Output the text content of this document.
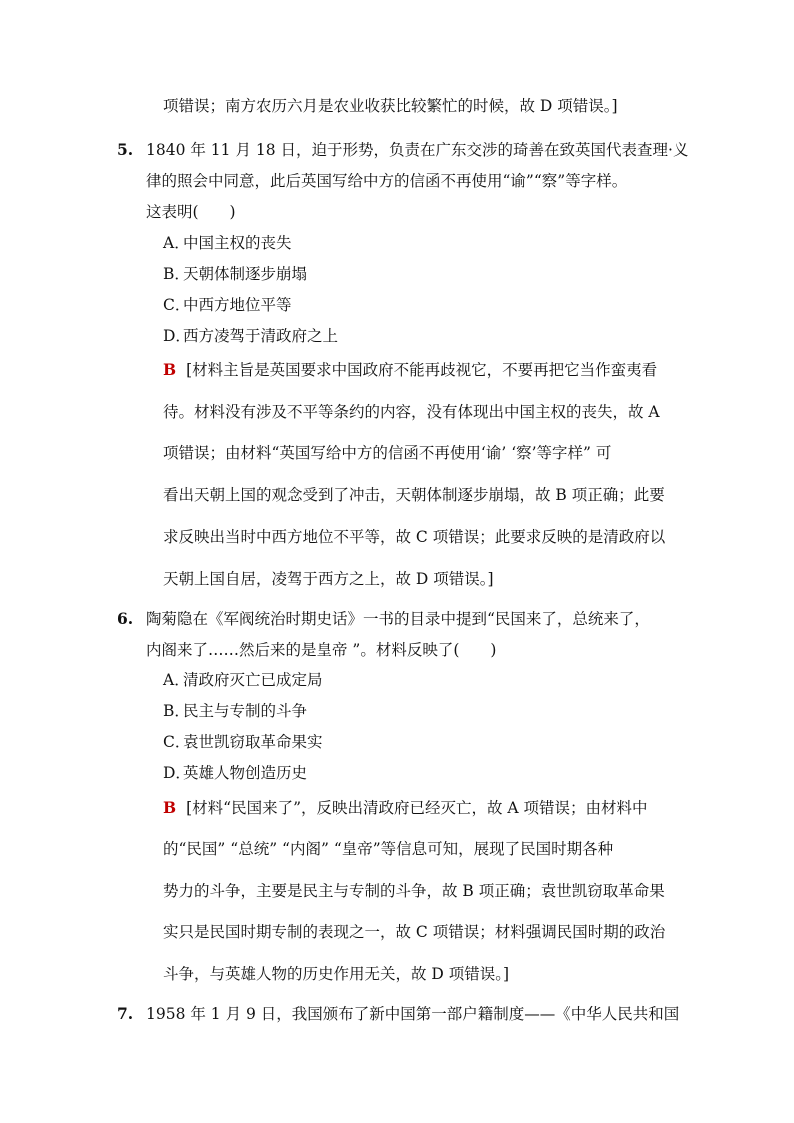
项错误；南方农历六月是农业收获比较繁忙的时候，故 D 项错误。]
5. 1840 年 11 月 18 日，迫于形势，负责在广东交涉的琦善在致英国代表查理·义
律的照会中同意，此后英国写给中方的信函不再使用“谕”“察”等字样。
这表明(　　)
A．中国主权的丧失
B．天朝体制逐步崩塌
C．中西方地位平等
D．西方凌驾于清政府之上
B [材料主旨是英国要求中国政府不能再歧视它，不要再把它当作蛮夷看
待。材料没有涉及不平等条约的内容，没有体现出中国主权的丧失，故 A
项错误；由材料“英国写给中方的信函不再使用‘谕’ ‘察’等字样” 可
看出天朝上国的观念受到了冲击，天朝体制逐步崩塌，故 B 项正确；此要
求反映出当时中西方地位不平等，故 C 项错误；此要求反映的是清政府以
天朝上国自居，凌驾于西方之上，故 D 项错误。]
6. 陶菊隐在《军阀统治时期史话》一书的目录中提到“民国来了，总统来了，
内阁来了……然后来的是皇帝 ”。材料反映了(　　)
A．清政府灭亡已成定局
B．民主与专制的斗争
C．袁世凯窃取革命果实
D．英雄人物创造历史
B [材料“民国来了”，反映出清政府已经灭亡，故 A 项错误；由材料中
的“民国” “总统” “内阁” “皇帝”等信息可知，展现了民国时期各种
势力的斗争，主要是民主与专制的斗争，故 B 项正确；袁世凯窃取革命果
实只是民国时期专制的表现之一，故 C 项错误；材料强调民国时期的政治
斗争，与英雄人物的历史作用无关，故 D 项错误。]
7. 1958 年 1 月 9 日，我国颁布了新中国第一部户籍制度——《中华人民共和国
